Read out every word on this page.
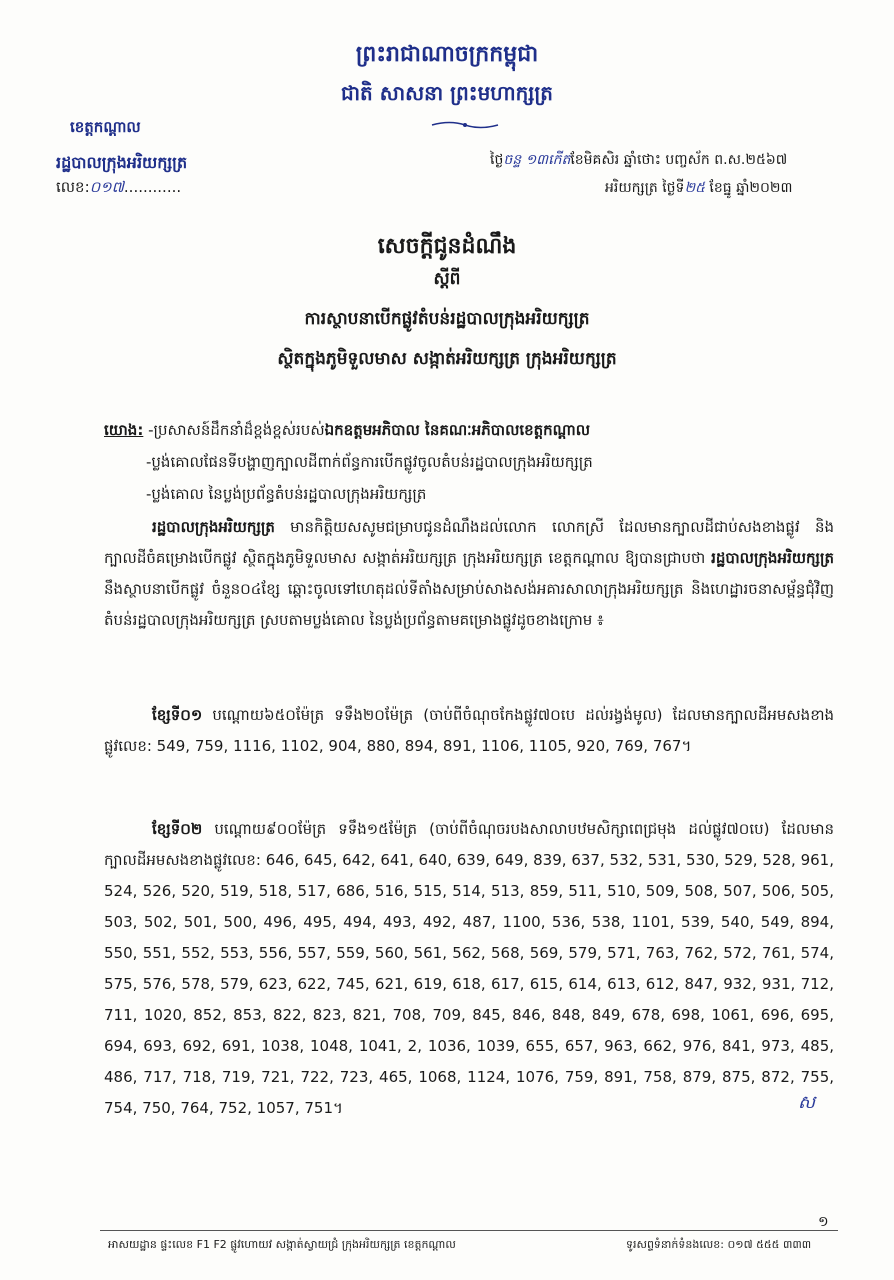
ព្រះរាជាណាចក្រកម្ពុជា
ជាតិ សាសនា ព្រះមហាក្សត្រ
ខេត្តកណ្តាល
រដ្ឋបាលក្រុងអរិយក្សត្រ
លេខ:០១៧............
ថ្ងៃចន្ទ ១៣កើតខែមិគសិរ ឆ្នាំថោះ បញ្ចស័ក ព.ស.២៥៦៧
អរិយក្សត្រ ថ្ងៃទី២៥ ខែធ្នូ ឆ្នាំ២០២៣
សេចក្តីជូនដំណឹង
ស្តីពី
ការស្ថាបនាបើកផ្លូវតំបន់រដ្ឋបាលក្រុងអរិយក្សត្រ
ស្ថិតក្នុងភូមិទួលមាស សង្កាត់អរិយក្សត្រ ក្រុងអរិយក្សត្រ
យោង: -ប្រសាសន៍ដឹកនាំដ៏ខ្ពង់ខ្ពស់របស់ឯកឧត្តមអភិបាល នៃគណៈអភិបាលខេត្តកណ្តាល
-ប្លង់គោលផែនទីបង្ហាញក្បាលដីពាក់ព័ន្ធការបើកផ្លូវចូលតំបន់រដ្ឋបាលក្រុងអរិយក្សត្រ
-ប្លង់គោល នៃប្លង់ប្រព័ន្ធតំបន់រដ្ឋបាលក្រុងអរិយក្សត្រ
រដ្ឋបាលក្រុងអរិយក្សត្រ មានកិត្តិយសសូមជម្រាបជូនដំណឹងដល់លោក លោកស្រី ដែលមានក្បាលដីជាប់សងខាងផ្លូវ និងក្បាលដីចំគម្រោងបើកផ្លូវ ស្ថិតក្នុងភូមិទួលមាស សង្កាត់អរិយក្សត្រ ក្រុងអរិយក្សត្រ ខេត្តកណ្តាល ឱ្យបានជ្រាបថា រដ្ឋបាលក្រុងអរិយក្សត្រ នឹងស្ថាបនាបើកផ្លូវ ចំនួន០៤ខ្សែ ឆ្ពោះចូលទៅហេតុដល់ទីតាំងសម្រាប់សាងសង់អគារសាលាក្រុងអរិយក្សត្រ និងហេដ្ឋារចនាសម្ព័ន្ធជុំវិញតំបន់រដ្ឋបាលក្រុងអរិយក្សត្រ ស្របតាមប្លង់គោល នៃប្លង់ប្រព័ន្ធតាមគម្រោងផ្លូវដូចខាងក្រោម ៖
ខ្សែទី០១ បណ្តោយ៦៥០ម៉ែត្រ ទទឹង២០ម៉ែត្រ (ចាប់ពីចំណុចកែងផ្លូវ៧០បេ ដល់រង្វង់មូល) ដែលមានក្បាលដីអមសងខាងផ្លូវលេខ: 549, 759, 1116, 1102, 904, 880, 894, 891, 1106, 1105, 920, 769, 767។
ខ្សែទី០២ បណ្តោយ៩០០ម៉ែត្រ ទទឹង១៥ម៉ែត្រ (ចាប់ពីចំណុចរបងសាលាបឋមសិក្សាពេជ្រមុង ដល់ផ្លូវ៧០បេ) ដែលមានក្បាលដីអមសងខាងផ្លូវលេខ: 646, 645, 642, 641, 640, 639, 649, 839, 637, 532, 531, 530, 529, 528, 961, 524, 526, 520, 519, 518, 517, 686, 516, 515, 514, 513, 859, 511, 510, 509, 508, 507, 506, 505, 503, 502, 501, 500, 496, 495, 494, 493, 492, 487, 1100, 536, 538, 1101, 539, 540, 549, 894, 550, 551, 552, 553, 556, 557, 559, 560, 561, 562, 568, 569, 579, 571, 763, 762, 572, 761, 574, 575, 576, 578, 579, 623, 622, 745, 621, 619, 618, 617, 615, 614, 613, 612, 847, 932, 931, 712, 711, 1020, 852, 853, 822, 823, 821, 708, 709, 845, 846, 848, 849, 678, 698, 1061, 696, 695, 694, 693, 692, 691, 1038, 1048, 1041, 2, 1036, 1039, 655, 657, 963, 662, 976, 841, 973, 485, 486, 717, 718, 719, 721, 722, 723, 465, 1068, 1124, 1076, 759, 891, 758, 879, 875, 872, 755, 754, 750, 764, 752, 1057, 751។	ស
១
អាសយដ្ឋាន ផ្ទះលេខ F1 F2 ផ្លូវហោយវ សង្កាត់ស្វាយជ្រំ ក្រុងអរិយក្សត្រ ខេត្តកណ្តាល	ទូរសព្ទទំនាក់ទំនងលេខ: ០១៧ ៥៥៥ ៣៣៣
